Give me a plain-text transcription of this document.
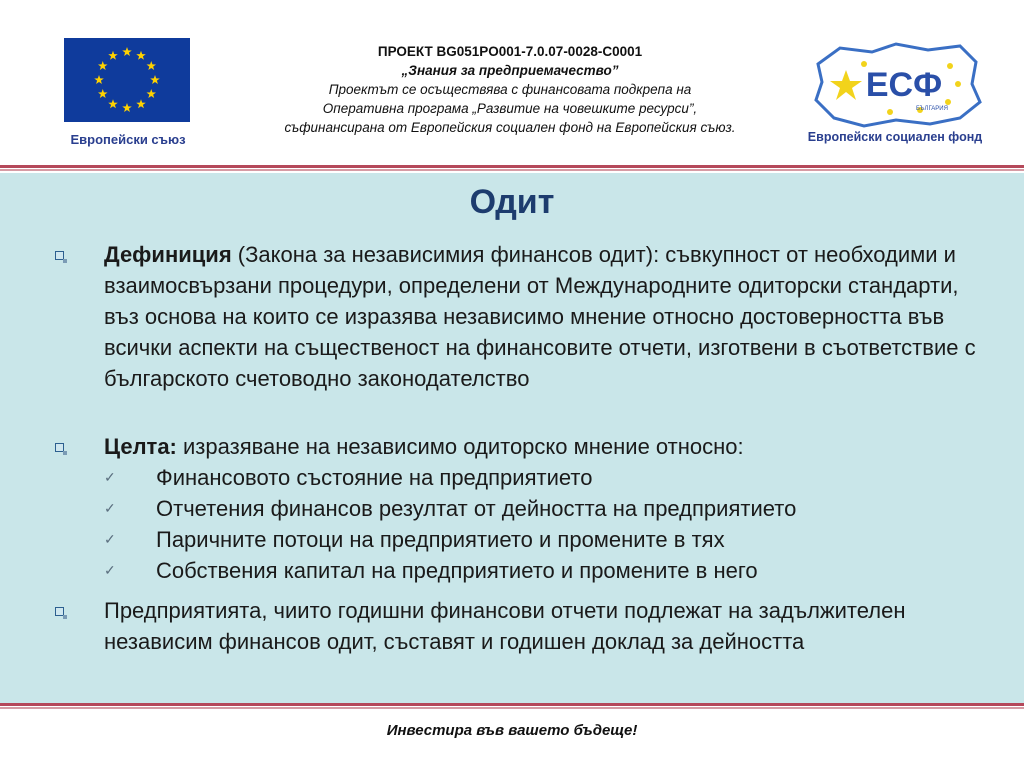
Европейски съюз
ПРОЕКТ BG051PO001-7.0.07-0028-С0001
„Знания за предприемачество”
Проектът се осъществява с финансовата подкрепа на
Оперативна програма „Развитие на човешките ресурси”,
съфинансирана от Европейския социален фонд на Европейския съюз.
ЕСФ
БЪЛГАРИЯ
Европейски социален фонд
Одит
Дефиниция (Закона за независимия финансов одит): съвкупност от необходими и взаимосвързани процедури, определени от Международните одиторски стандарти, въз основа на които се изразява независимо мнение относно достоверността във всички аспекти на същественост на финансовите отчети, изготвени в съответствие с българското счетоводно законодателство
Целта: изразяване на независимо одиторско мнение относно:
✓ Финансовото състояние на предприятието
✓ Отчетения финансов резултат от дейността на предприятието
✓ Паричните потоци на предприятието и промените в тях
✓ Собствения капитал на предприятието и промените в него
Предприятията, чиито годишни финансови отчети подлежат на задължителен независим финансов одит, съставят и годишен доклад за дейността
Инвестира във вашето бъдеще!
